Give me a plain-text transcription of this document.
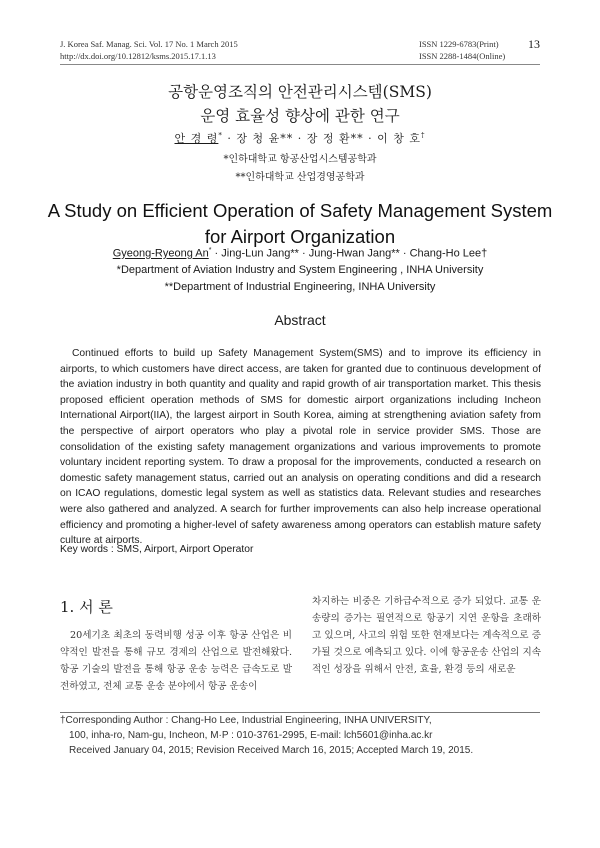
J. Korea Saf. Manag. Sci. Vol. 17 No. 1 March 2015
http://dx.doi.org/10.12812/ksms.2015.17.1.13
ISSN 1229-6783(Print)
ISSN 2288-1484(Online)
13
공항운영조직의 안전관리시스템(SMS)
운영 효율성 향상에 관한 연구
안 경 령* · 장 청 윤** · 장 정 환** · 이 창 호†
*인하대학교 항공산업시스템공학과
**인하대학교 산업경영공학과
A Study on Efficient Operation of Safety Management System
for Airport Organization
Gyeong-Ryeong An* · Jing-Lun Jang** · Jung-Hwan Jang** · Chang-Ho Lee†
*Department of Aviation Industry and System Engineering , INHA University
**Department of Industrial Engineering, INHA University
Abstract

Continued efforts to build up Safety Management System(SMS) and to improve its efficiency in airports, to which customers have direct access, are taken for granted due to continuous development of the aviation industry in both quantity and quality and rapid growth of air transportation market. This thesis proposed efficient operation methods of SMS for domestic airport organizations including Incheon International Airport(IIA), the largest airport in South Korea, aiming at strengthening aviation safety from the perspective of airport operators who play a pivotal role in service provider SMS. Those are consolidation of the existing safety management organizations and various improvements to promote voluntary incident reporting system. To draw a proposal for the improvements, conducted a research on domestic safety management status, carried out an analysis on operating conditions and did a research on ICAO regulations, domestic legal system as well as statistics data. Relevant studies and researches were also gathered and analyzed. A search for further improvements can also help increase operational efficiency and promoting a higher-level of safety awareness among operators can establish mature safety culture at airports.

Key words : SMS, Airport, Airport Operator
1. 서 론

20세기초 최초의 동력비행 성공 이후 항공 산업은 비약적인 발전을 통해 규모 경제의 산업으로 발전해왔다. 항공 기술의 발전을 통해 항공 운송 능력은 급속도로 발전하였고, 전체 교통 운송 분야에서 항공 운송이

차지하는 비중은 기하급수적으로 증가 되었다. 교통 운송량의 증가는 필연적으로 항공기 지연 운항을 초래하고 있으며, 사고의 위험 또한 현재보다는 계속적으로 증가될 것으로 예측되고 있다. 이에 항공운송 산업의 지속적인 성장을 위해서 안전, 효율, 환경 등의 새로운

†Corresponding Author : Chang-Ho Lee, Industrial Engineering, INHA UNIVERSITY,
100, inha-ro, Nam-gu, Incheon, M·P : 010-3761-2995, E-mail: lch5601@inha.ac.kr
Received January 04, 2015; Revision Received March 16, 2015; Accepted March 19, 2015.
